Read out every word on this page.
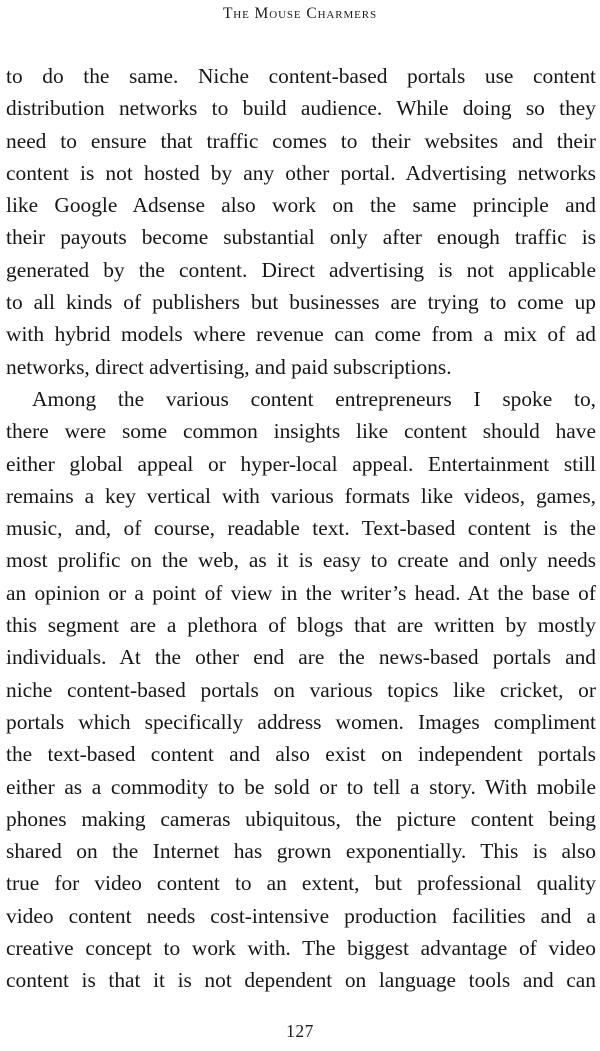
The Mouse Charmers
to do the same. Niche content-based portals use content
distribution networks to build audience. While doing so they
need to ensure that traffic comes to their websites and their
content is not hosted by any other portal. Advertising networks
like Google Adsense also work on the same principle and
their payouts become substantial only after enough traffic is
generated by the content. Direct advertising is not applicable
to all kinds of publishers but businesses are trying to come up
with hybrid models where revenue can come from a mix of ad
networks, direct advertising, and paid subscriptions.
Among the various content entrepreneurs I spoke to,
there were some common insights like content should have
either global appeal or hyper-local appeal. Entertainment still
remains a key vertical with various formats like videos, games,
music, and, of course, readable text. Text-based content is the
most prolific on the web, as it is easy to create and only needs
an opinion or a point of view in the writer’s head. At the base of
this segment are a plethora of blogs that are written by mostly
individuals. At the other end are the news-based portals and
niche content-based portals on various topics like cricket, or
portals which specifically address women. Images compliment
the text-based content and also exist on independent portals
either as a commodity to be sold or to tell a story. With mobile
phones making cameras ubiquitous, the picture content being
shared on the Internet has grown exponentially. This is also
true for video content to an extent, but professional quality
video content needs cost-intensive production facilities and a
creative concept to work with. The biggest advantage of video
content is that it is not dependent on language tools and can
127
